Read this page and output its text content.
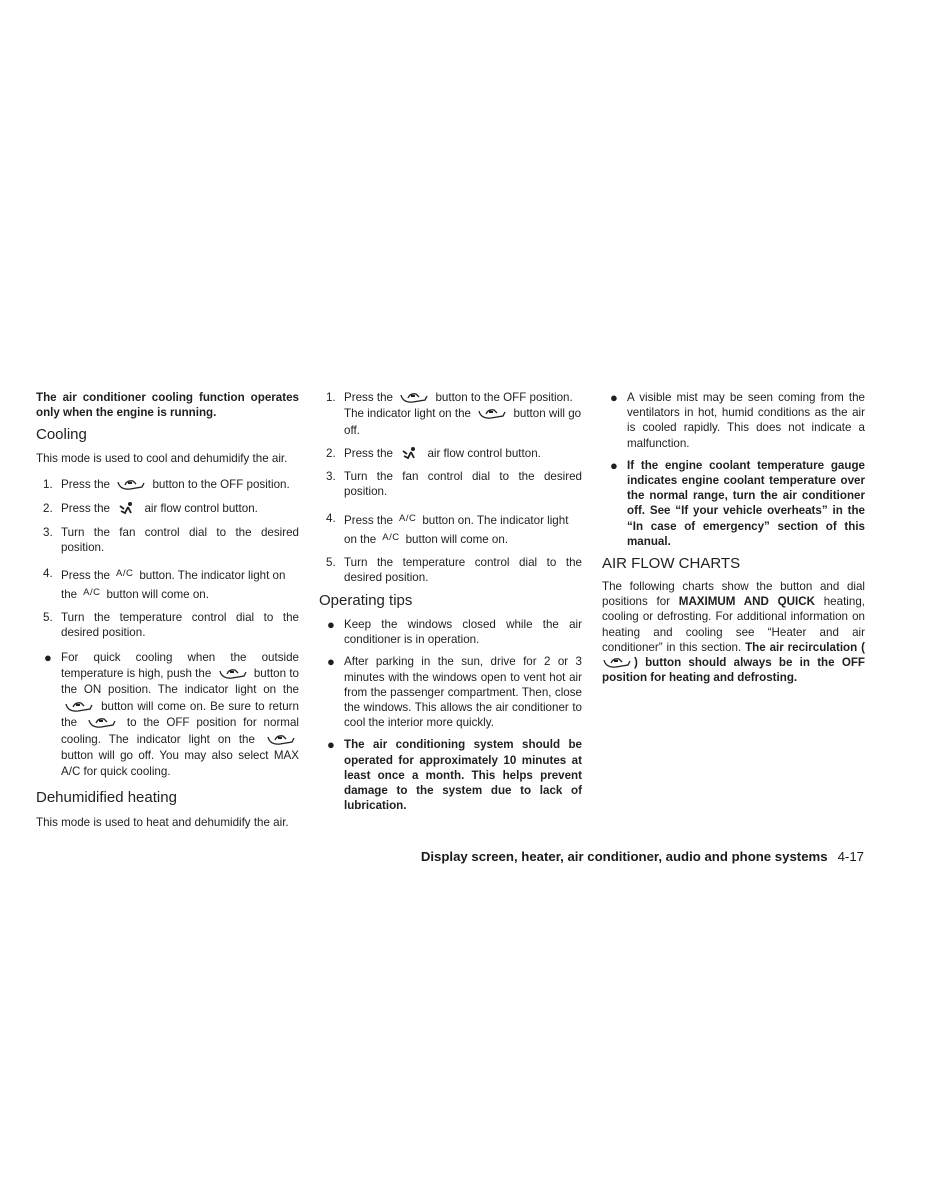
The air conditioner cooling function operates only when the engine is running.

Cooling

This mode is used to cool and dehumidify the air.

1. Press the	button to the OFF position.
2. Press the	air flow control button.
3. Turn the fan control dial to the desired position.
4. Press the A/C button. The indicator light on the A/C button will come on.
5. Turn the temperature control dial to the desired position.
● For quick cooling when the outside temperature is high, push the	button to the ON position. The indicator light on the  button will come on. Be sure to return the	to the OFF position for normal cooling. The indicator light on the  button will go off. You may also select MAX A/C for quick cooling.
Dehumidified heating

This mode is used to heat and dehumidify the air.

1. Press the	button to the OFF position. The indicator light on the	button will go off.
2. Press the	air flow control button.
3. Turn the fan control dial to the desired position.
4. Press the A/C button on. The indicator light on the A/C button will come on.
5. Turn the temperature control dial to the desired position.
Operating tips
● Keep the windows closed while the air conditioner is in operation.
● After parking in the sun, drive for 2 or 3 minutes with the windows open to vent hot air from the passenger compartment. Then, close the windows. This allows the air conditioner to cool the interior more quickly.
● The air conditioning system should be operated for approximately 10 minutes at least once a month. This helps prevent damage to the system due to lack of lubrication.
● A visible mist may be seen coming from the ventilators in hot, humid conditions as the air is cooled rapidly. This does not indicate a malfunction.
● If the engine coolant temperature gauge indicates engine coolant temperature over the normal range, turn the air conditioner off. See “If your vehicle overheats” in the “In case of emergency” section of this manual.
AIR FLOW CHARTS

The following charts show the button and dial positions for MAXIMUM AND QUICK heating, cooling or defrosting. For additional information on heating and cooling see “Heater and air conditioner” in this section. The air recirculation () button should always be in the OFF position for heating and defrosting.

Display screen, heater, air conditioner, audio and phone systems 4-17
